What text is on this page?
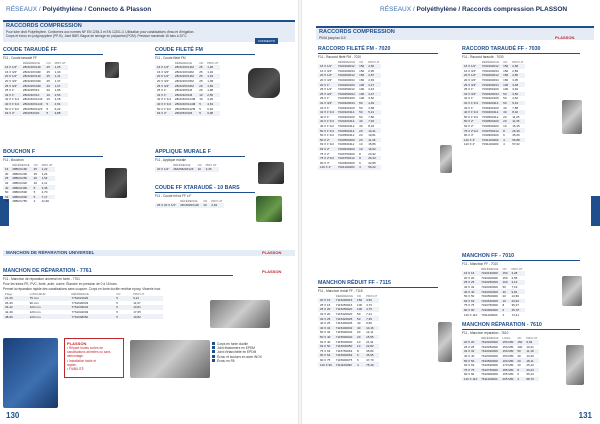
RÉSEAUX / Polyéthylène / Connecto & Plasson
RACCORDS COMPRESSION
Pour tube droit Polyéthylène. Conformes aux normes NF EN 1254-3 et EN 12201-3. Utilisation pour canalisations d'eau et d'irrigation.
Corps et écrou en polypropylène (PP-B). Joint NBR. Bague de serrage en polyacétal (POM). Pression maximale 16 bars à 20°C.
CONNECTO
COUDE TARAUDÉ FF
F11 - Coude taraudé FF
	RÉFÉRENCE	CD	PRIX HT
16 X 1/2"	28CR16X12F	25	1,25
16 X 3/4"	28CR16X34F	25	1,30
20 X 1/2"	28CR20X12F	25	1,31
20 X 3/4"	28CR20X34F	25	1,37
25 X 3/4"	28CR25X34F	20	1,67
25 X 1"	28CR25X1F	20	1,96
32 X 1"	28CR32X1F	10	2,53
32 X 1"1/4	28CR32X114F	10	3,18
40 X 1"1/4	28CR40X114F	5	4,54
50 X 1"1/2	28CR50X112F	5	6,22
63 X 2"	28CR63X2F	5	9,88
COUDE FILETÉ FM
F11 - Coude fileté FM
	RÉFÉRENCE	CD	PRIX HT
16 X 1/2"	28CR16X12M	25	1,28
16 X 3/4"	28CR16X34M	25	1,32
20 X 1/2"	28CR20X12M	25	1,34
20 X 3/4"	28CR20X34M	25	1,38
25 X 3/4"	28CR25X34M	20	1,69
25 X 1"	28CR25X1M	20	1,98
32 X 1"	28CR32X1M	10	2,55
32 X 1"1/4	28CR32X114M	10	3,20
40 X 1"1/4	28CR40X114M	5	4,63
50 X 1"1/2	28CR50X112M	5	6,32
63 X 2"	28CR63X2M	5	9,98
BOUCHON F
F11 - Bouchon
	RÉFÉRENCE	CD	PRIX HT
16	28BOU16F	25	1,22
20	28BOU20F	25	1,24
25	28BOU25F	20	1,54
32	28BOU32F	10	2,11
40	28BOU40F	5	3,35
50	28BOU50F	5	4,70
63	28BOU63F	5	7,17
75	28BOU75F	2	11,60
APPLIQUE MURALE F
F11 - Applique murale
	RÉFÉRENCE	CD	PRIX HT
20 X 1/2"	28APM20X12F	10	3,45
COUDE FF XTARAUDÉ - 10 BARS
F11 - Coude Irrivoi FF x F
	RÉFÉRENCE	CD	PRIX HT
25 X 20 X 1/2"	28CRI25X12F	10	2,62
MANCHON DE RÉPARATION UNIVERSEL	PLASSON
MANCHON DE RÉPARATION - 7761
F11 - Manchon de réparation universel en fonte - 7761
Pour les tubes PE, PVC, fonte, acier, cuivre. Étanche en pression de 0 à 16 bars.
Permet la réparation rapide des canalisations sans coupure. Corps en fonte ductile revêtue époxy. Visserie inox.
Plage	LONGUEUR	RÉFÉRENCE	CD	PRIX HT
21-26	75 mm	7761021026	5	9,21
26-33	90 mm	7761026033	5	11,67
33-42	100 mm	7761033042	5	13,81
42-49	120 mm	7761042049	5	17,65
48-60	120 mm	7761048060	5	19,82
PLASSON
PLASSON
• Répare toutes sortes de
canalisations abîmées ou sans
démontage.
• Installation facile et
rapide.
• FIABILITÉ
Corps en fonte ductile
Joint élastomère en EPDM
Joint d'étanchéité en EPDM
Écrou et boulons en acier INOX
Écrou en PA
130
RÉSEAUX / Polyéthylène / Raccords compression PLASSON
RACCORDS COMPRESSION
PN16 jusqu'au 110	PLASSON
RACCORD FILETÉ FM - 7020
F11 - Raccord fileté FM - 7020
	RÉFÉRENCE	CD	PRIX HT
16 X 1/2"	7020160012	150	2,65
16 X 3/4"	7020160034	150	2,95
20 X 1/2"	7020200012	150	2,87
20 X 3/4"	7020200034	150	2,93
20 X 1"	7020200100	100	3,47
25 X 1/2"	7020250012	100	3,43
25 X 3/4"	7020250034	100	3,47
25 X 1"	7020250100	100	3,52
32 X 3/4"	7020320034	50	4,49
32 X 1"	7020320100	50	4,58
32 X 1"1/4	7020320114	50	5,21
40 X 1"	7020400100	50	7,86
40 X 1"1/4	7020400114	40	7,94
40 X 1"1/2	7020400112	40	8,33
50 X 1"1/4	7020500114	20	10,41
50 X 1"1/2	7020500112	20	10,81
50 X 2"	7020500200	20	11,36
63 X 1"1/2	7020630112	10	15,86
63 X 2"	7020630200	10	16,62
75 X 2"	7020750200	8	24,92
75 X 2"1/2	7020750212	8	26,33
90 X 3"	7020900300	6	34,85
110 X 4"	7021100400	4	56,22
MANCHON RÉDUIT FF - 7115
F11 - Manchon réduit FF - 7115
	RÉFÉRENCE	CD	PRIX HT
20 X 16	7115200016	150	4,50
25 X 16	7115250016	100	4,73
25 X 20	7115250020	100	4,75
32 X 20	7115320020	50	7,21
32 X 25	7115320025	50	7,35
40 X 25	7115400025	40	9,60
40 X 32	7115400032	40	10,16
50 X 32	7115500032	20	14,11
50 X 40	7115500040	20	15,55
63 X 40	7115630040	10	21,31
63 X 50	7115630050	10	22,82
75 X 63	7115750063	8	35,84
90 X 63	7115900063	6	45,95
90 X 75	7115900075	6	47,70
110 X 90	7111100090	4	75,40
RACCORD TARAUDÉ FF - 7030
F11 - Raccord taraudé - 7030
	RÉFÉRENCE	CD	PRIX HT
16 X 1/2"	7030160012	150	2,68
16 X 3/4"	7030160034	150	2,89
20 X 1/2"	7030200012	150	2,85
20 X 3/4"	7030200034	150	3,05
25 X 3/4"	7030250034	100	3,48
25 X 1"	7030250100	100	3,92
32 X 3/4"	7030320034	50	4,56
32 X 1"	7030320100	50	4,62
32 X 1"1/4	7030320114	50	5,44
40 X 1"	7030400100	40	7,88
40 X 1"1/4	7030400114	40	8,02
50 X 1"1/2	7030500112	20	11,25
50 X 2"	7030500200	20	11,35
63 X 2"	7030630200	10	16,15
75 X 2"1/2	7030750212	8	26,30
90 X 3"	7030900300	6	35,26
110 X 3"	7031100300	4	56,88
110 X 4"	7031100400	4	57,02
MANCHON FF - 7010
F11 - Manchon FF - 7010
	RÉFÉRENCE	CD	PRIX HT
16 X 16	7010160000	150	3,28
20 X 20	7010200000	150	3,55
25 X 25	7010250000	100	4,13
32 X 32	7010320000	50	7,19
40 X 40	7010400000	40	9,81
50 X 50	7010500000	20	14,50
63 X 63	7010630000	10	20,92
75 X 75	7010750000	8	35,37
90 X 90	7010900000	6	45,78
110 X 110	7011100000	4	74,41
MANCHON RÉPARATION - 7610
F11 - Manchon réparation - 7610
	RÉFÉRENCE	LONG.	CD	PRIX HT
20 X 20	7610200000	150 MM	150	9,93
25 X 25	7610250000	150 MM	100	10,21
32 X 32	7610320000	150 MM	50	11,18
40 X 40	7610400000	150 MM	40	13,40
50 X 50	7610500000	160 MM	20	18,11
63 X 63	7610630000	170 MM	10	25,10
75 X 75	7610750000	185 MM	8	43,23
90 X 90	7610900000	195 MM	6	55,44
110 X 110	7611100000	205 MM	4	88,79
131
